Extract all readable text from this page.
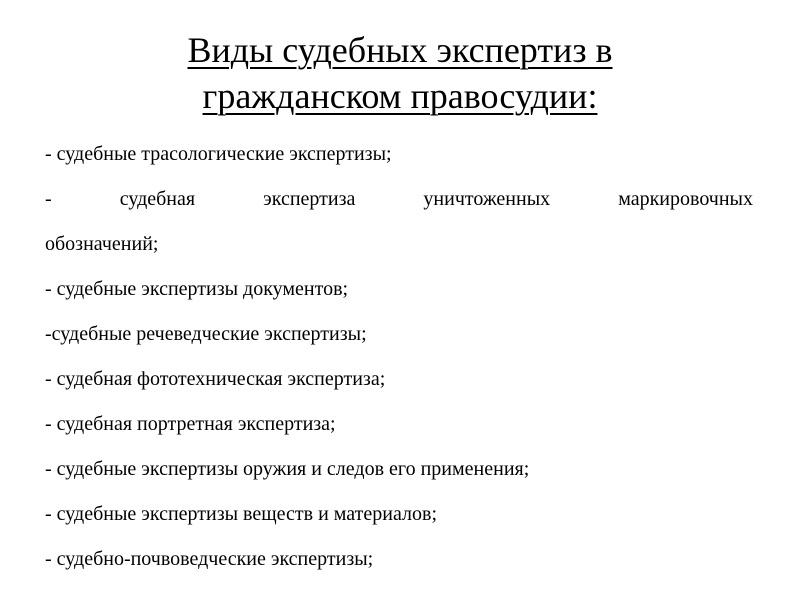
Виды судебных экспертиз в
гражданском правосудии:
- судебные трасологические экспертизы;
- судебная экспертиза уничтоженных маркировочных
обозначений;
- судебные экспертизы документов;
-судебные речеведческие экспертизы;
- судебная фототехническая экспертиза;
- судебная портретная экспертиза;
- судебные экспертизы оружия и следов его применения;
- судебные экспертизы веществ и материалов;
- судебно-почвоведческие экспертизы;
